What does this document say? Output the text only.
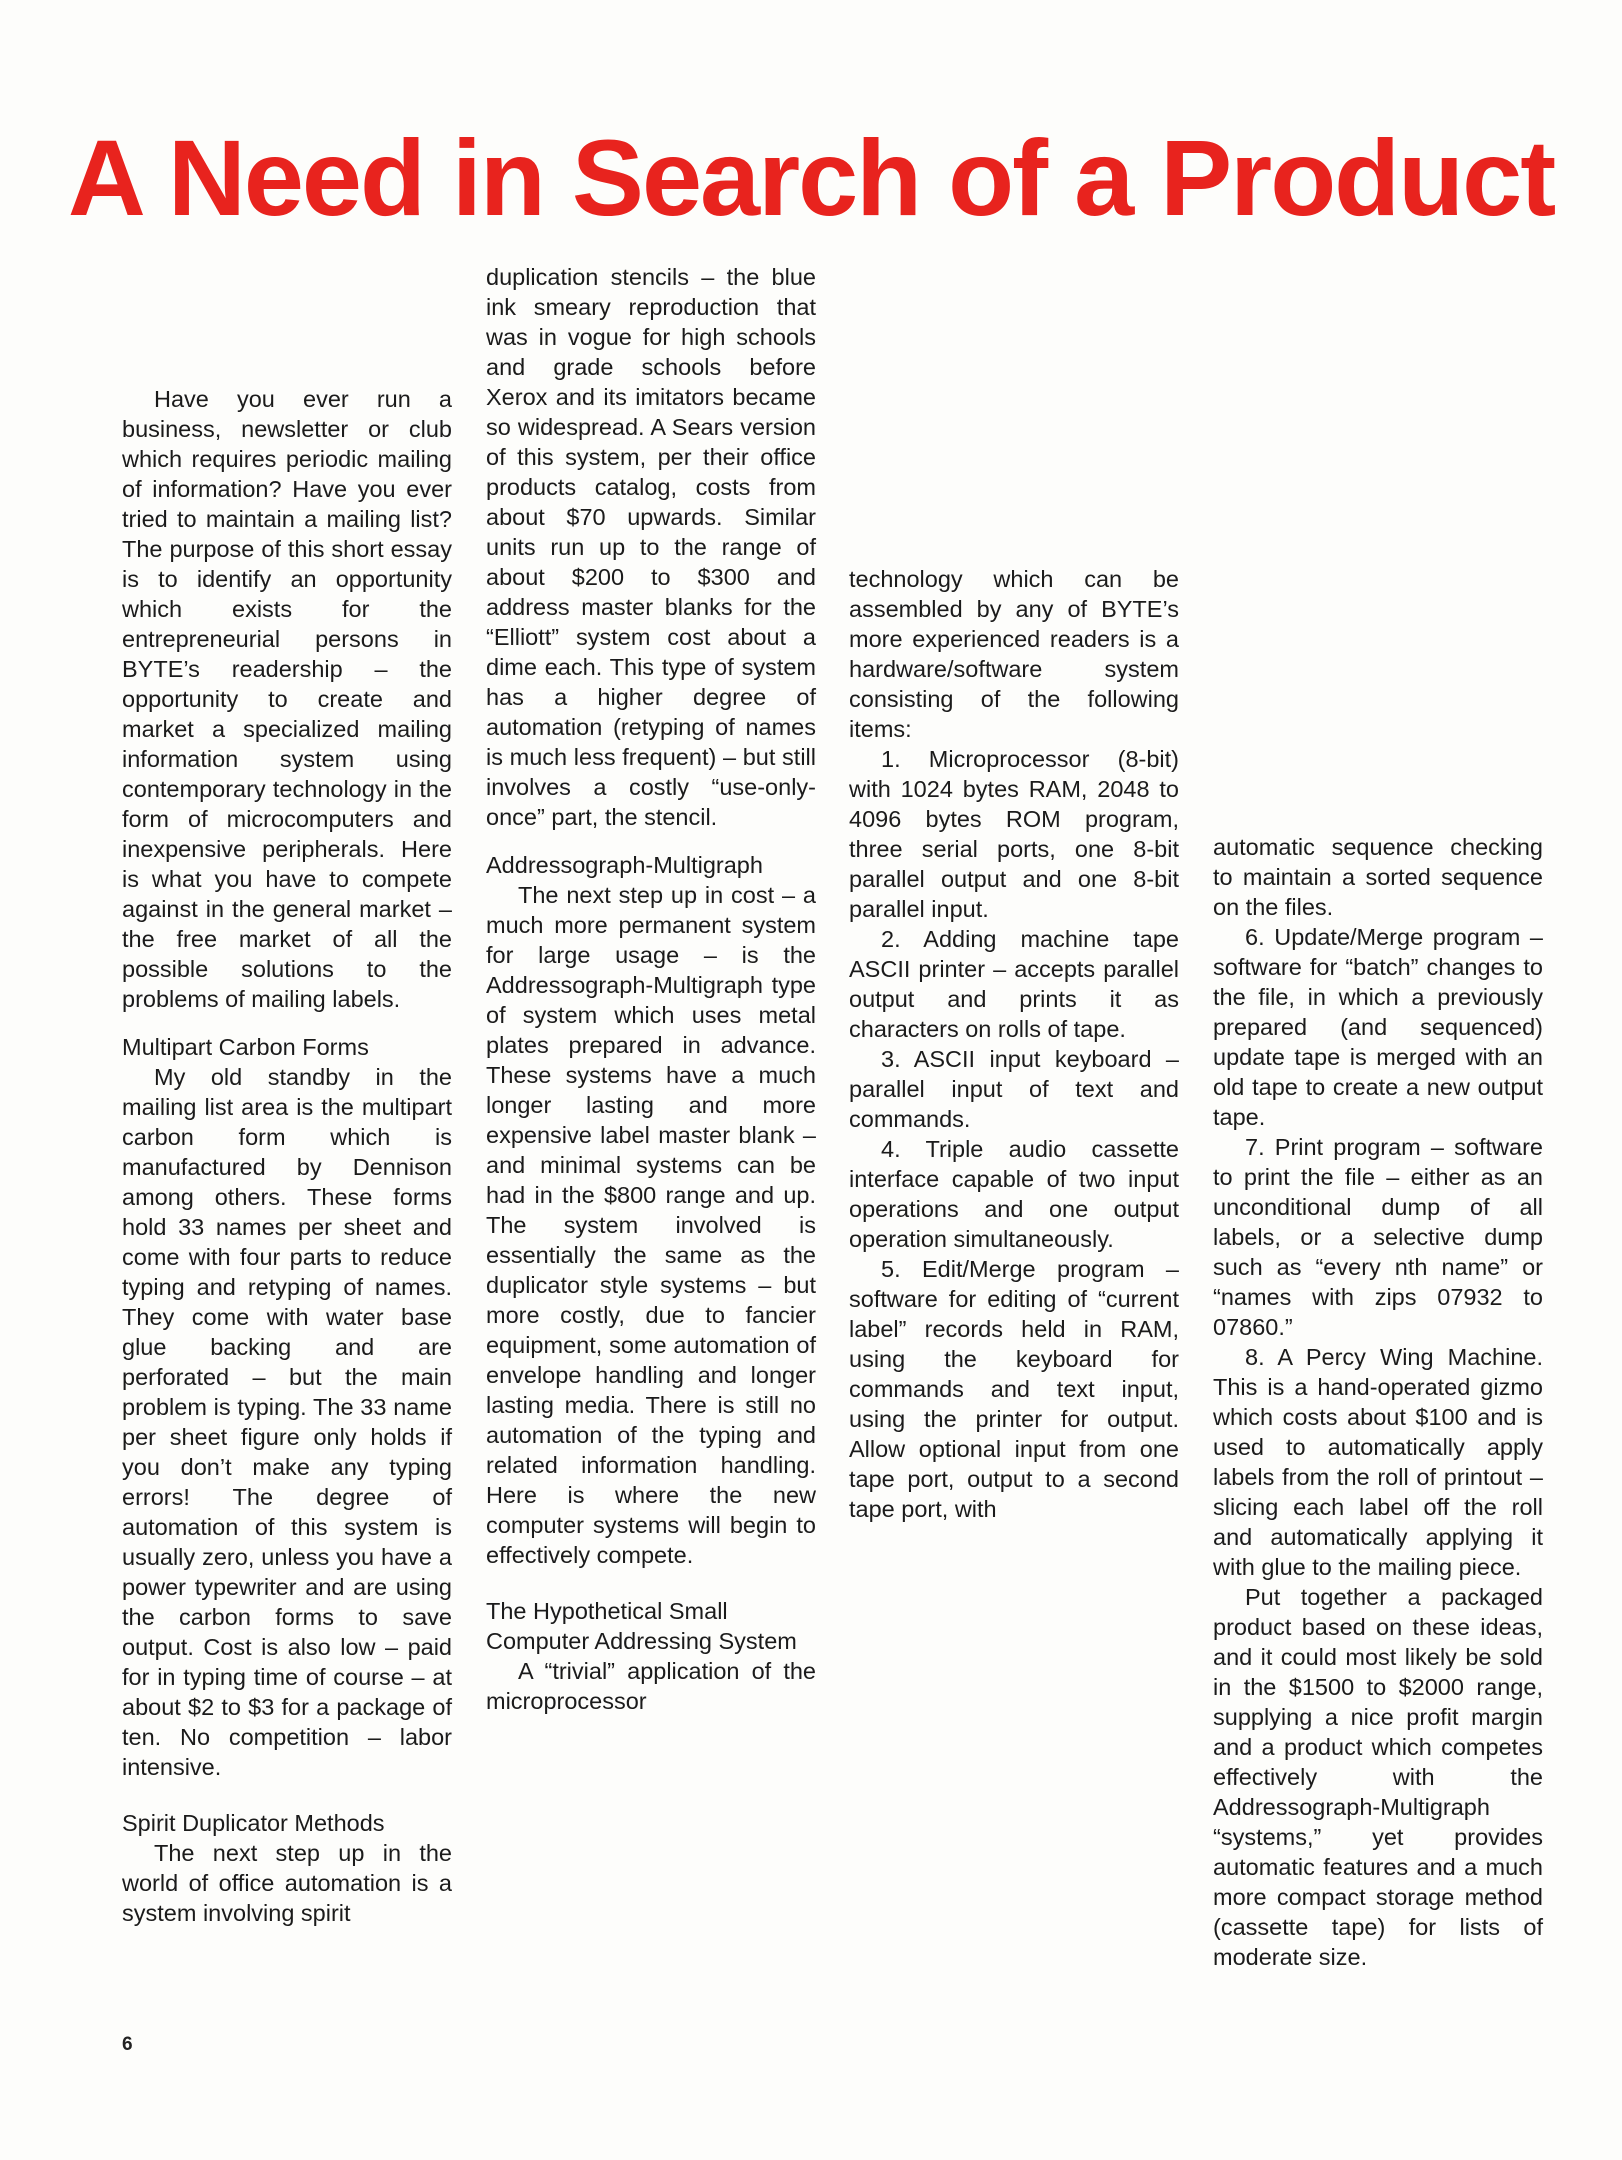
A Need in Search of a Product

Have you ever run a business, newsletter or club which requires periodic mailing of information? Have you ever tried to maintain a mailing list? The purpose of this short essay is to identify an opportunity which exists for the entrepreneurial persons in BYTE’s readership – the opportunity to create and market a specialized mailing information system using contemporary technology in the form of microcomputers and inexpensive peripherals. Here is what you have to compete against in the general market – the free market of all the possible solutions to the problems of mailing labels.

Multipart Carbon Forms

My old standby in the mailing list area is the multipart carbon form which is manufactured by Dennison among others. These forms hold 33 names per sheet and come with four parts to reduce typing and retyping of names. They come with water base glue backing and are perforated – but the main problem is typing. The 33 name per sheet figure only holds if you don’t make any typing errors! The degree of automation of this system is usually zero, unless you have a power typewriter and are using the carbon forms to save output. Cost is also low – paid for in typing time of course – at about $2 to $3 for a package of ten. No competition – labor intensive.

Spirit Duplicator Methods

The next step up in the world of office automation is a system involving spirit

duplication stencils – the blue ink smeary reproduction that was in vogue for high schools and grade schools before Xerox and its imitators became so widespread. A Sears version of this system, per their office products catalog, costs from about $70 upwards. Similar units run up to the range of about $200 to $300 and address master blanks for the “Elliott” system cost about a dime each. This type of system has a higher degree of automation (retyping of names is much less frequent) – but still involves a costly “use-only-once” part, the stencil.

Addressograph-Multigraph

The next step up in cost – a much more permanent system for large usage – is the Addressograph-Multigraph type of system which uses metal plates prepared in advance. These systems have a much longer lasting and more expensive label master blank – and minimal systems can be had in the $800 range and up. The system involved is essentially the same as the duplicator style systems – but more costly, due to fancier equipment, some automation of envelope handling and longer lasting media. There is still no automation of the typing and related information handling. Here is where the new computer systems will begin to effectively compete.

The Hypothetical Small Computer Addressing System

A “trivial” application of the microprocessor

technology which can be assembled by any of BYTE’s more experienced readers is a hardware/software system consisting of the following items:

1. Microprocessor (8-bit) with 1024 bytes RAM, 2048 to 4096 bytes ROM program, three serial ports, one 8-bit parallel output and one 8-bit parallel input.

2. Adding machine tape ASCII printer – accepts parallel output and prints it as characters on rolls of tape.

3. ASCII input keyboard – parallel input of text and commands.

4. Triple audio cassette interface capable of two input operations and one output operation simultaneously.

5. Edit/Merge program – software for editing of “current label” records held in RAM, using the keyboard for commands and text input, using the printer for output. Allow optional input from one tape port, output to a second tape port, with

automatic sequence checking to maintain a sorted sequence on the files.

6. Update/Merge program – software for “batch” changes to the file, in which a previously prepared (and sequenced) update tape is merged with an old tape to create a new output tape.

7. Print program – software to print the file – either as an unconditional dump of all labels, or a selective dump such as “every nth name” or “names with zips 07932 to 07860.”

8. A Percy Wing Machine. This is a hand-operated gizmo which costs about $100 and is used to automatically apply labels from the roll of printout – slicing each label off the roll and automatically applying it with glue to the mailing piece.

Put together a packaged product based on these ideas, and it could most likely be sold in the $1500 to $2000 range, supplying a nice profit margin and a product which competes effectively with the Addressograph-Multigraph “systems,” yet provides automatic features and a much more compact storage method (cassette tape) for lists of moderate size.

6
